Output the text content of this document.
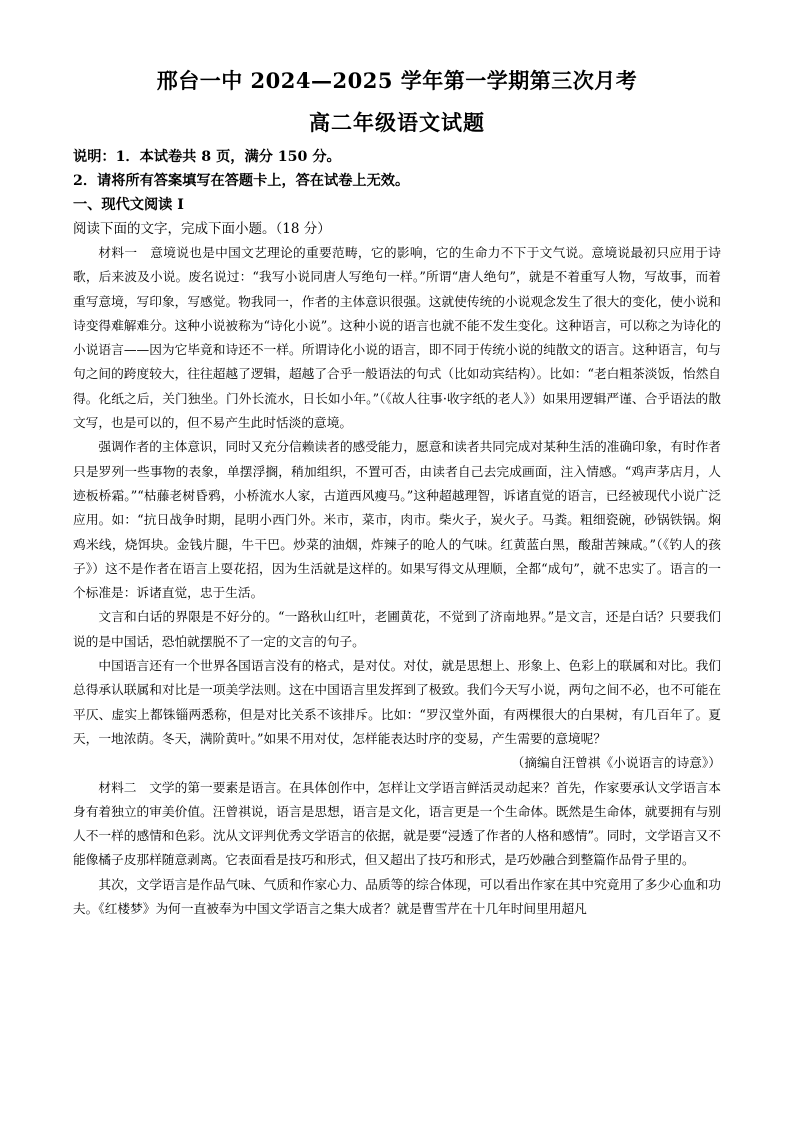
邢台一中 2024—2025 学年第一学期第三次月考
高二年级语文试题
说明：1．本试卷共 8 页，满分 150 分。
2．请将所有答案填写在答题卡上，答在试卷上无效。
一、现代文阅读 I
阅读下面的文字，完成下面小题。（18 分）

材料一　意境说也是中国文艺理论的重要范畴，它的影响，它的生命力不下于文气说。意境说最初只应用于诗歌，后来波及小说。废名说过：“我写小说同唐人写绝句一样。”所谓“唐人绝句”，就是不着重写人物，写故事，而着重写意境，写印象，写感觉。物我同一，作者的主体意识很强。这就使传统的小说观念发生了很大的变化，使小说和诗变得难解难分。这种小说被称为“诗化小说”。这种小说的语言也就不能不发生变化。这种语言，可以称之为诗化的小说语言——因为它毕竟和诗还不一样。所谓诗化小说的语言，即不同于传统小说的纯散文的语言。这种语言，句与句之间的跨度较大，往往超越了逻辑，超越了合乎一般语法的句式（比如动宾结构）。比如：“老白粗茶淡饭，怡然自得。化纸之后，关门独坐。门外长流水，日长如小年。”（《故人往事·收字纸的老人》）如果用逻辑严谨、合乎语法的散文写，也是可以的，但不易产生此时恬淡的意境。

强调作者的主体意识，同时又充分信赖读者的感受能力，愿意和读者共同完成对某种生活的准确印象，有时作者只是罗列一些事物的表象，单摆浮搁，稍加组织，不置可否，由读者自己去完成画面，注入情感。“鸡声茅店月，人迹板桥霜。”“枯藤老树昏鸦，小桥流水人家，古道西风瘦马。”这种超越理智，诉诸直觉的语言，已经被现代小说广泛应用。如：“抗日战争时期，昆明小西门外。米市，菜市，肉市。柴火子，炭火子。马粪。粗细瓷碗，砂锅铁锅。焖鸡米线，烧饵块。金钱片腿，牛干巴。炒菜的油烟，炸辣子的呛人的气味。红黄蓝白黑，酸甜苦辣咸。”（《钓人的孩子》）这不是作者在语言上耍花招，因为生活就是这样的。如果写得文从理顺，全都“成句”，就不忠实了。语言的一个标准是：诉诸直觉，忠于生活。

文言和白话的界限是不好分的。“一路秋山红叶，老圃黄花，不觉到了济南地界。”是文言，还是白话？只要我们说的是中国话，恐怕就摆脱不了一定的文言的句子。

中国语言还有一个世界各国语言没有的格式，是对仗。对仗，就是思想上、形象上、色彩上的联属和对比。我们总得承认联属和对比是一项美学法则。这在中国语言里发挥到了极致。我们今天写小说，两句之间不必，也不可能在平仄、虚实上都铢锱两悉称，但是对比关系不该排斥。比如：“罗汉堂外面，有两棵很大的白果树，有几百年了。夏天，一地浓荫。冬天，满阶黄叶。”如果不用对仗，怎样能表达时序的变易，产生需要的意境呢？

（摘编自汪曾祺《小说语言的诗意》）

材料二　文学的第一要素是语言。在具体创作中，怎样让文学语言鲜活灵动起来？首先，作家要承认文学语言本身有着独立的审美价值。汪曾祺说，语言是思想，语言是文化，语言更是一个生命体。既然是生命体，就要拥有与别人不一样的感情和色彩。沈从文评判优秀文学语言的依据，就是要“浸透了作者的人格和感情”。同时，文学语言又不能像橘子皮那样随意剥离。它表面看是技巧和形式，但又超出了技巧和形式，是巧妙融合到整篇作品骨子里的。

其次，文学语言是作品气味、气质和作家心力、品质等的综合体现，可以看出作家在其中究竟用了多少心血和功夫。《红楼梦》为何一直被奉为中国文学语言之集大成者？就是曹雪芹在十几年时间里用超凡
